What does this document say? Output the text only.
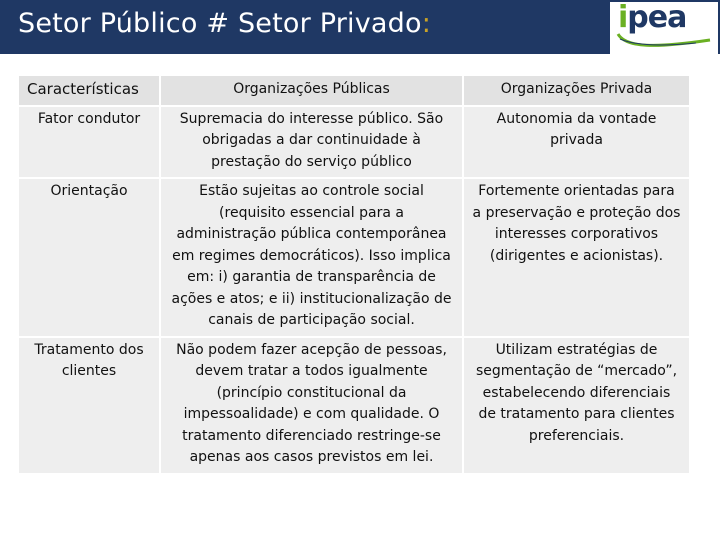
Setor Público # Setor Privado:	ipea
Características	Organizações Públicas	Organizações Privada
Fator condutor	Supremacia do interesse público. São obrigadas a dar continuidade à prestação do serviço público	Autonomia da vontade privada
Orientação	Estão sujeitas ao controle social (requisito essencial para a administração pública contemporânea em regimes democráticos). Isso implica em: i) garantia de transparência de ações e atos; e ii) institucionalização de canais de participação social.	Fortemente orientadas para a preservação e proteção dos interesses corporativos (dirigentes e acionistas).
Tratamento dos clientes	Não podem fazer acepção de pessoas, devem tratar a todos igualmente (princípio constitucional da impessoalidade) e com qualidade. O tratamento diferenciado restringe-se apenas aos casos previstos em lei.	Utilizam estratégias de segmentação de “mercado”, estabelecendo diferenciais de tratamento para clientes preferenciais.
